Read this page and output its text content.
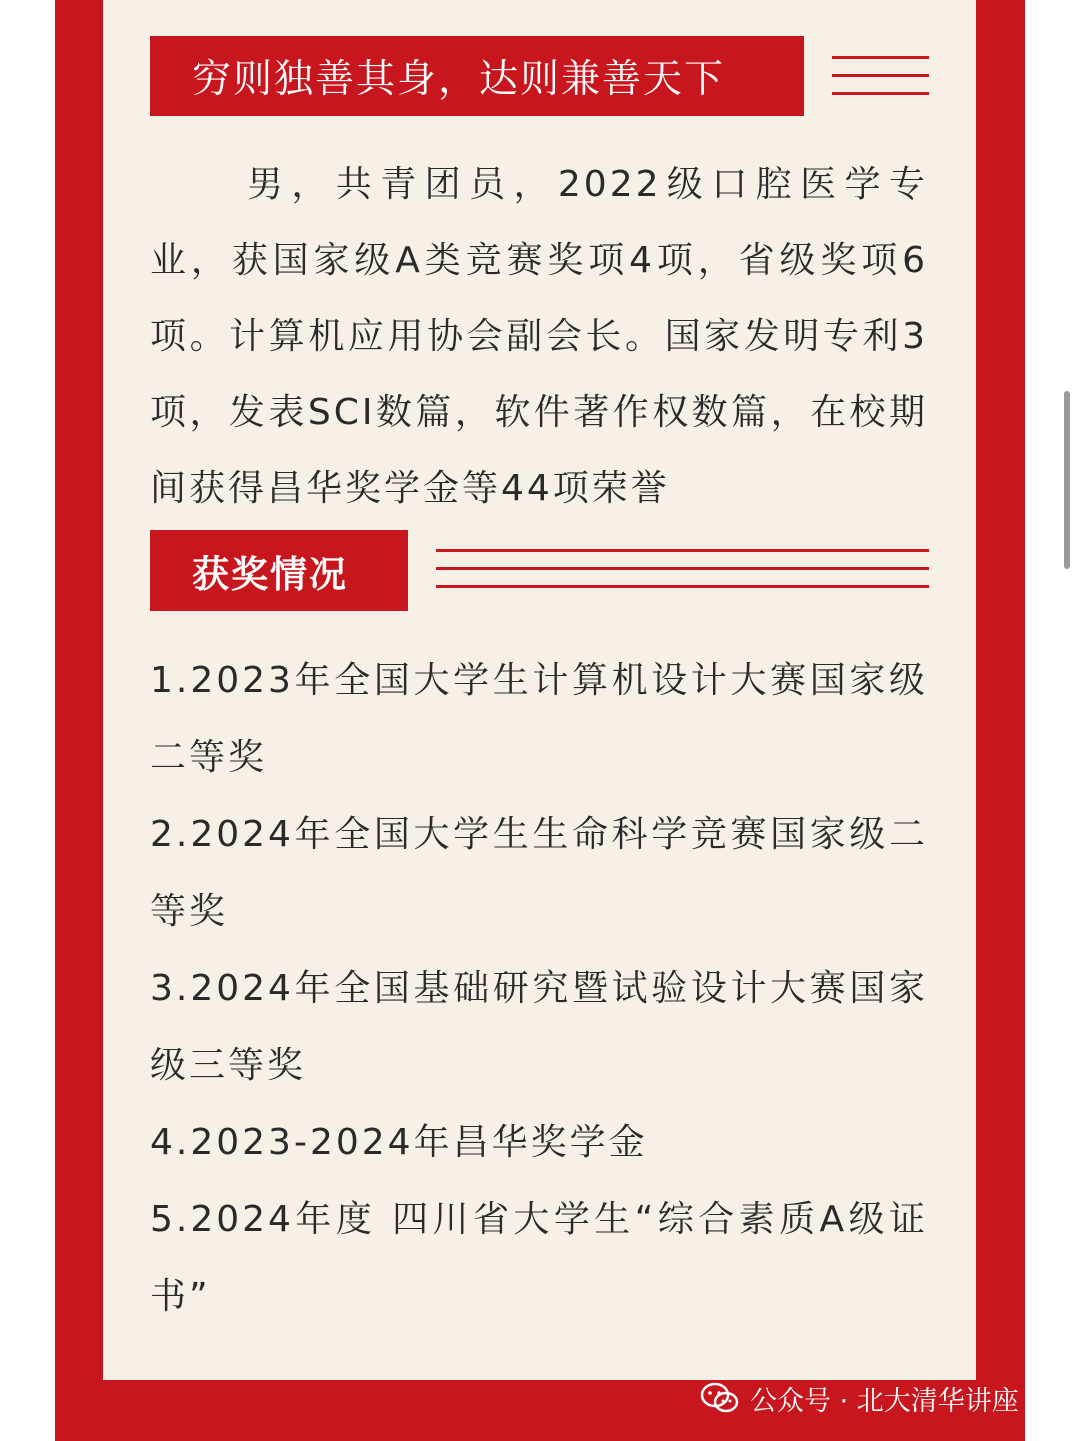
穷则独善其身，达则兼善天下
男，共青团员，2022级口腔医学专业，获国家级A类竞赛奖项4项，省级奖项6项。计算机应用协会副会长。国家发明专利3项，发表SCI数篇，软件著作权数篇，在校期间获得昌华奖学金等44项荣誉
获奖情况
1.2023年全国大学生计算机设计大赛国家级二等奖
2.2024年全国大学生生命科学竞赛国家级二等奖
3.2024年全国基础研究暨试验设计大赛国家级三等奖
4.2023-2024年昌华奖学金
5.2024年度 四川省大学生“综合素质A级证书”
公众号 · 北大清华讲座
